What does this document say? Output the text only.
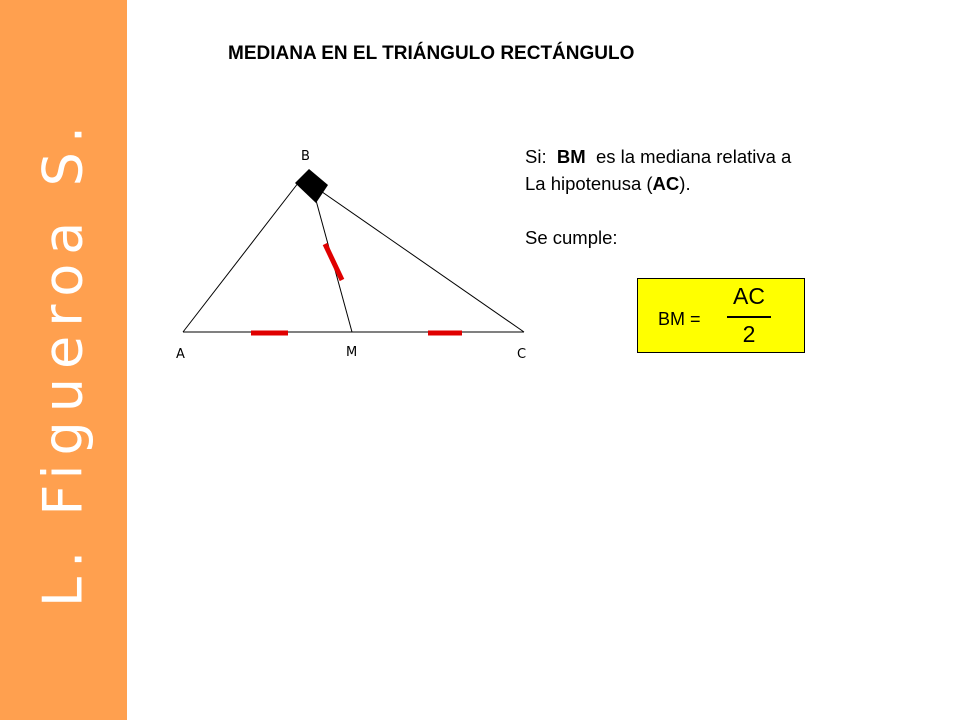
L. Figueroa S.
MEDIANA EN EL TRIÁNGULO RECTÁNGULO
B
A	M	C

Si: BM es la mediana relativa a

La hipotenusa (AC).

Se cumple:

BM =
AC
2
